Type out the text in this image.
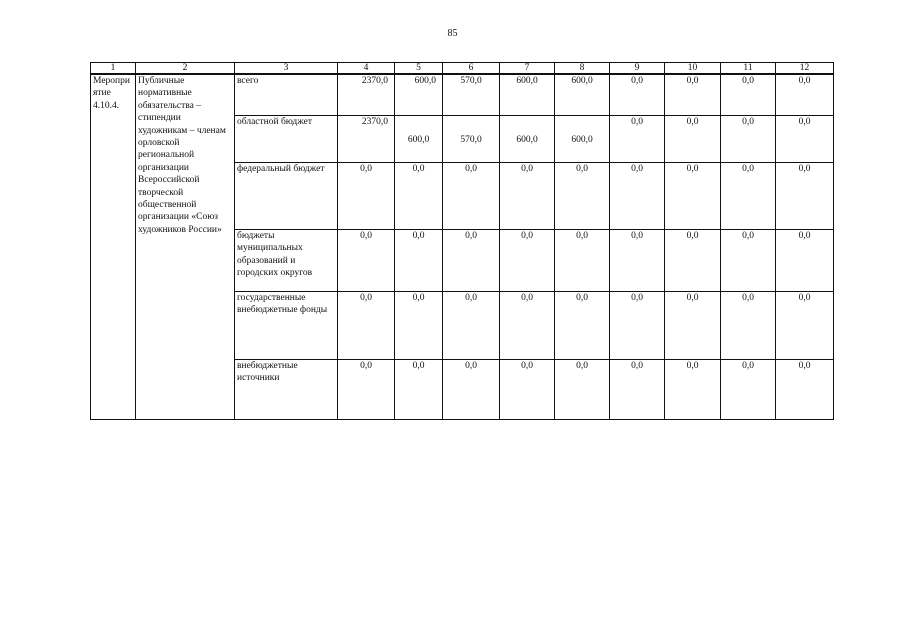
85
1	2	3	4	5	6	7	8	9	10	11	12
Мероприятие 4.10.4.	Публичные нормативные обязательства – стипендии художникам – членам орловской региональной организации Всероссийской творческой общественной организации «Союз художников России»	всего	2370,0	600,0	570,0	600,0	600,0	0,0	0,0	0,0	0,0
		областной бюджет	2370,0	600,0	570,0	600,0	600,0	0,0	0,0	0,0	0,0
		федеральный бюджет	0,0	0,0	0,0	0,0	0,0	0,0	0,0	0,0	0,0
		бюджеты муниципальных образований и городских округов	0,0	0,0	0,0	0,0	0,0	0,0	0,0	0,0	0,0
		государственные внебюджетные фонды	0,0	0,0	0,0	0,0	0,0	0,0	0,0	0,0	0,0
		внебюджетные источники	0,0	0,0	0,0	0,0	0,0	0,0	0,0	0,0	0,0
